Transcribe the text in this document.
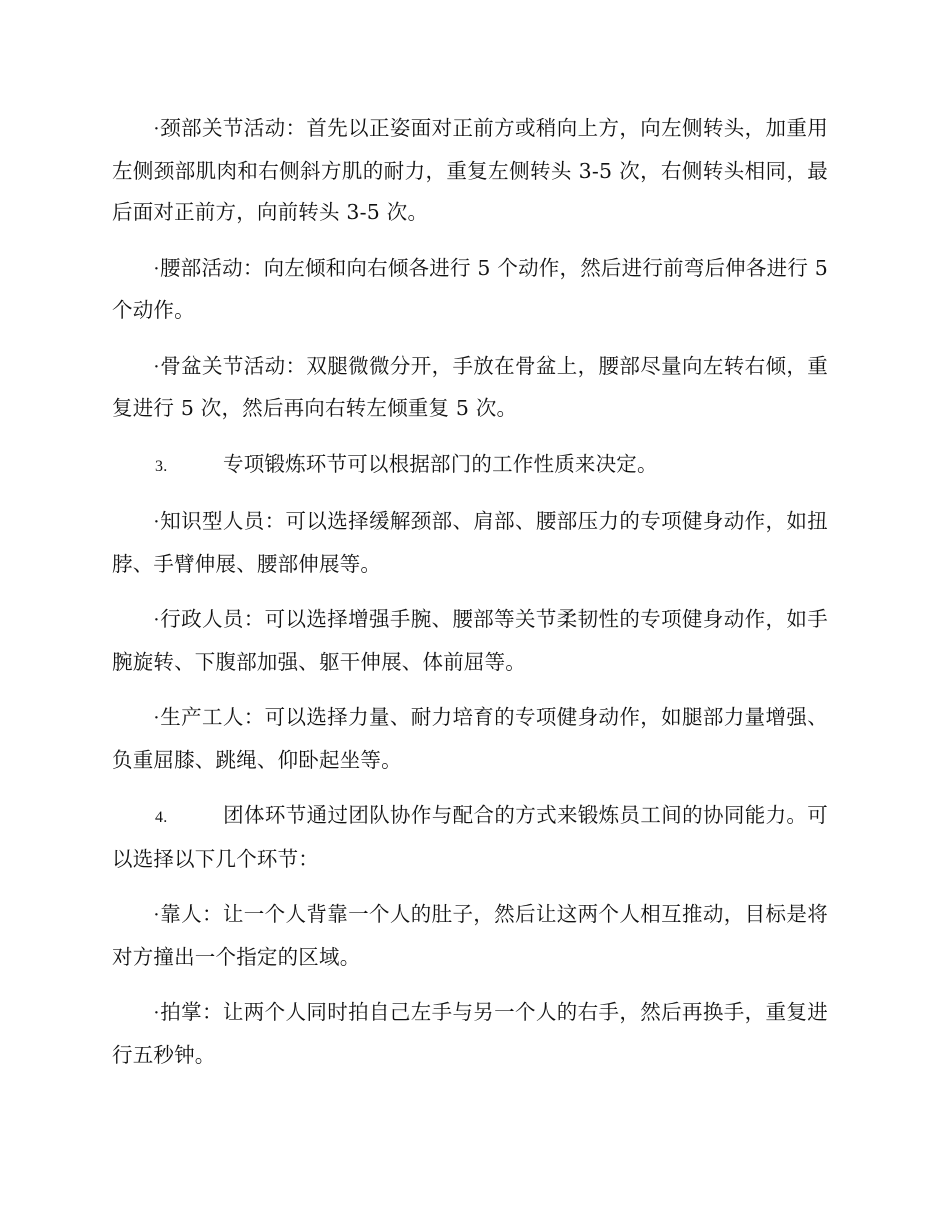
·颈部关节活动：首先以正姿面对正前方或稍向上方，向左侧转头，加重用左侧颈部肌肉和右侧斜方肌的耐力，重复左侧转头 3-5 次，右侧转头相同，最后面对正前方，向前转头 3-5 次。

·腰部活动：向左倾和向右倾各进行 5 个动作，然后进行前弯后伸各进行 5 个动作。

·骨盆关节活动：双腿微微分开，手放在骨盆上，腰部尽量向左转右倾，重复进行 5 次，然后再向右转左倾重复 5 次。

3.	专项锻炼环节可以根据部门的工作性质来决定。

·知识型人员：可以选择缓解颈部、肩部、腰部压力的专项健身动作，如扭脖、手臂伸展、腰部伸展等。

·行政人员：可以选择增强手腕、腰部等关节柔韧性的专项健身动作，如手腕旋转、下腹部加强、躯干伸展、体前屈等。

·生产工人：可以选择力量、耐力培育的专项健身动作，如腿部力量增强、负重屈膝、跳绳、仰卧起坐等。

4.	团体环节通过团队协作与配合的方式来锻炼员工间的协同能力。可以选择以下几个环节：

·靠人：让一个人背靠一个人的肚子，然后让这两个人相互推动，目标是将对方撞出一个指定的区域。

·拍掌：让两个人同时拍自己左手与另一个人的右手，然后再换手，重复进行五秒钟。
